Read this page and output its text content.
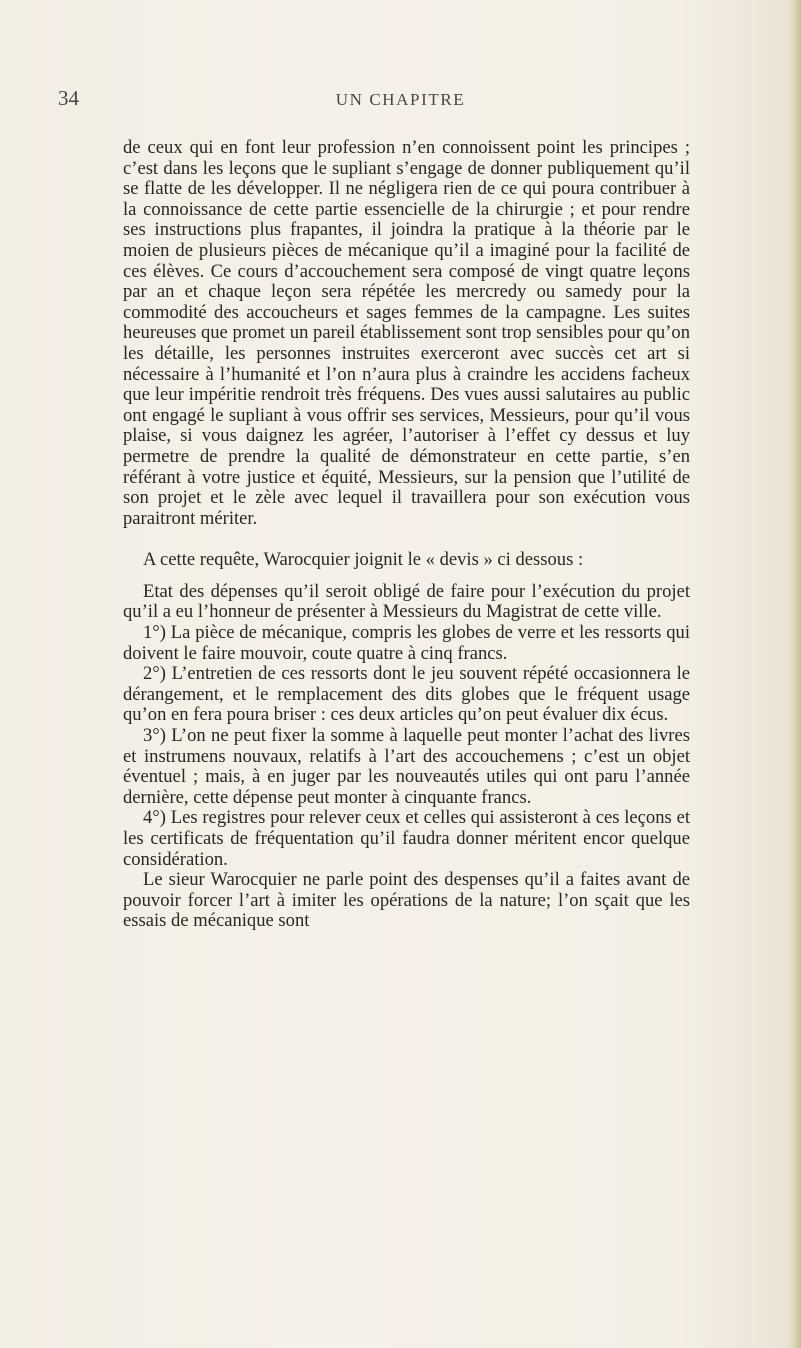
34	UN CHAPITRE

de ceux qui en font leur profession n’en connoissent point les principes ; c’est dans les leçons que le supliant s’engage de donner publiquement qu’il se flatte de les développer. Il ne négligera rien de ce qui poura contribuer à la connoissance de cette partie essencielle de la chirurgie ; et pour rendre ses instructions plus frapantes, il joindra la pratique à la théorie par le moien de plusieurs pièces de mécanique qu’il a imaginé pour la facilité de ces élèves. Ce cours d’accouchement sera composé de vingt quatre leçons par an et chaque leçon sera répétée les mercredy ou samedy pour la commodité des accoucheurs et sages femmes de la campagne. Les suites heureuses que promet un pareil établissement sont trop sensibles pour qu’on les détaille, les personnes instruites exerceront avec succès cet art si nécessaire à l’humanité et l’on n’aura plus à craindre les accidens facheux que leur impéritie rendroit très fréquens. Des vues aussi salutaires au public ont engagé le supliant à vous offrir ses services, Messieurs, pour qu’il vous plaise, si vous daignez les agréer, l’autoriser à l’effet cy dessus et luy permetre de prendre la qualité de démonstrateur en cette partie, s’en référant à votre justice et équité, Messieurs, sur la pension que l’utilité de son projet et le zèle avec lequel il travaillera pour son exécution vous paraitront mériter.

A cette requête, Warocquier joignit le « devis » ci dessous :

Etat des dépenses qu’il seroit obligé de faire pour l’exécution du projet qu’il a eu l’honneur de présenter à Messieurs du Magistrat de cette ville.

1°) La pièce de mécanique, compris les globes de verre et les ressorts qui doivent le faire mouvoir, coute quatre à cinq francs.

2°) L’entretien de ces ressorts dont le jeu souvent répété occasionnera le dérangement, et le remplacement des dits globes que le fréquent usage qu’on en fera poura briser : ces deux articles qu’on peut évaluer dix écus.

3°) L’on ne peut fixer la somme à laquelle peut monter l’achat des livres et instrumens nouvaux, relatifs à l’art des accouchemens ; c’est un objet éventuel ; mais, à en juger par les nouveautés utiles qui ont paru l’année dernière, cette dépense peut monter à cinquante francs.

4°) Les registres pour relever ceux et celles qui assisteront à ces leçons et les certificats de fréquentation qu’il faudra donner méritent encor quelque considération.

Le sieur Warocquier ne parle point des despenses qu’il a faites avant de pouvoir forcer l’art à imiter les opérations de la nature; l’on sçait que les essais de mécanique sont
